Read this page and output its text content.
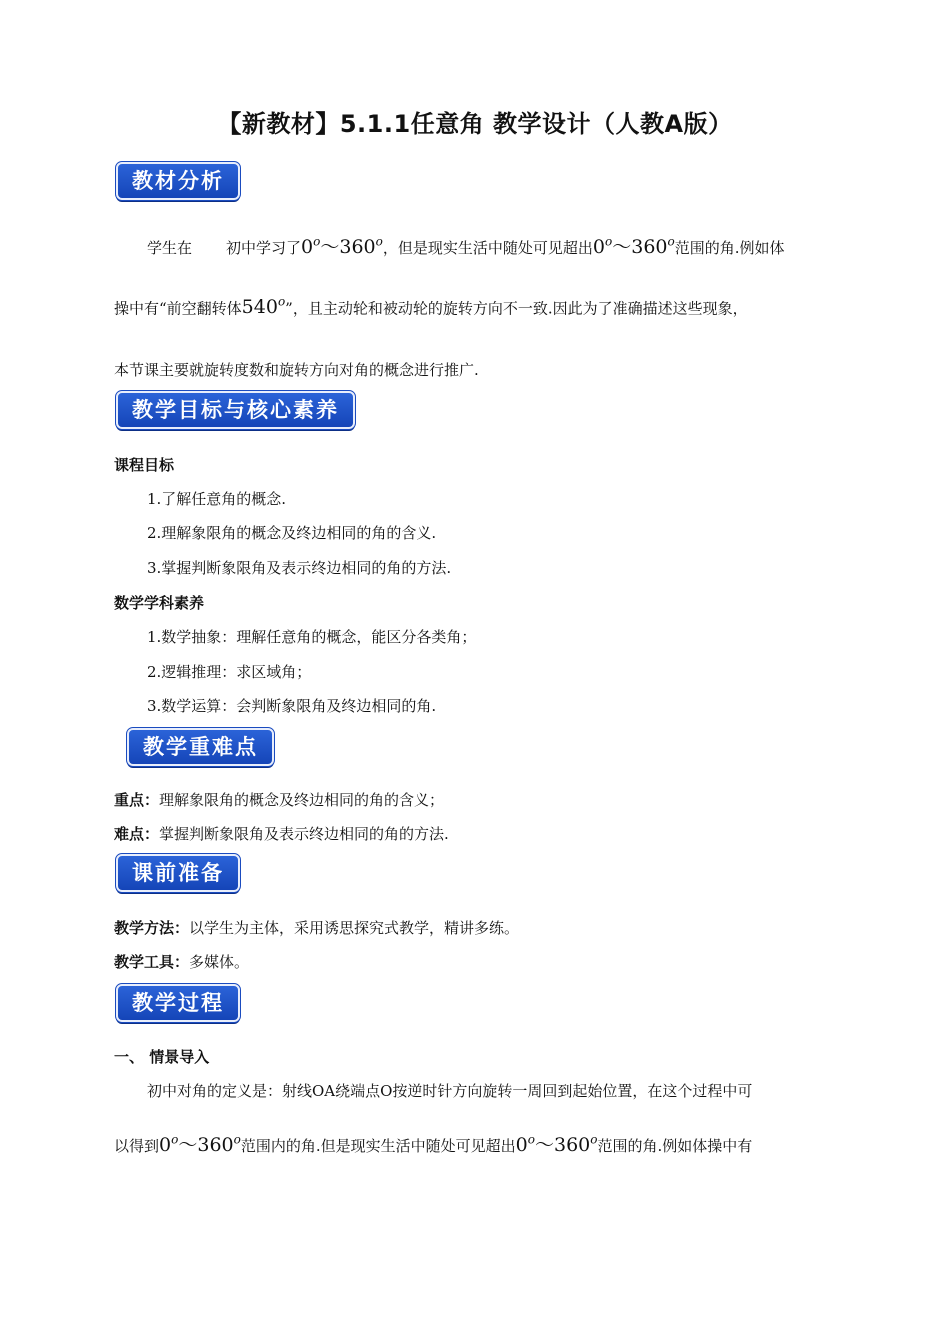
【新教材】5.1.1任意角 教学设计（人教A版）
教材分析
学生在 初中学习了0$^o$～360$^o$，但是现实生活中随处可见超出0$^o$～360$^o$范围的角.例如体
操中有“前空翻转体540$^o$”，且主动轮和被动轮的旋转方向不一致.因此为了准确描述这些现象，
本节课主要就旋转度数和旋转方向对角的概念进行推广.
教学目标与核心素养
课程目标
1.了解任意角的概念.
2.理解象限角的概念及终边相同的角的含义.
3.掌握判断象限角及表示终边相同的角的方法.
数学学科素养
1.数学抽象：理解任意角的概念，能区分各类角；
2.逻辑推理：求区域角；
3.数学运算：会判断象限角及终边相同的角.
教学重难点
重点：理解象限角的概念及终边相同的角的含义；
难点：掌握判断象限角及表示终边相同的角的方法.
课前准备
教学方法：以学生为主体，采用诱思探究式教学，精讲多练。
教学工具：多媒体。
教学过程
一、 情景导入
初中对角的定义是：射线OA绕端点O按逆时针方向旋转一周回到起始位置，在这个过程中可
以得到0$^o$～360$^o$范围内的角.但是现实生活中随处可见超出0$^o$～360$^o$范围的角.例如体操中有
